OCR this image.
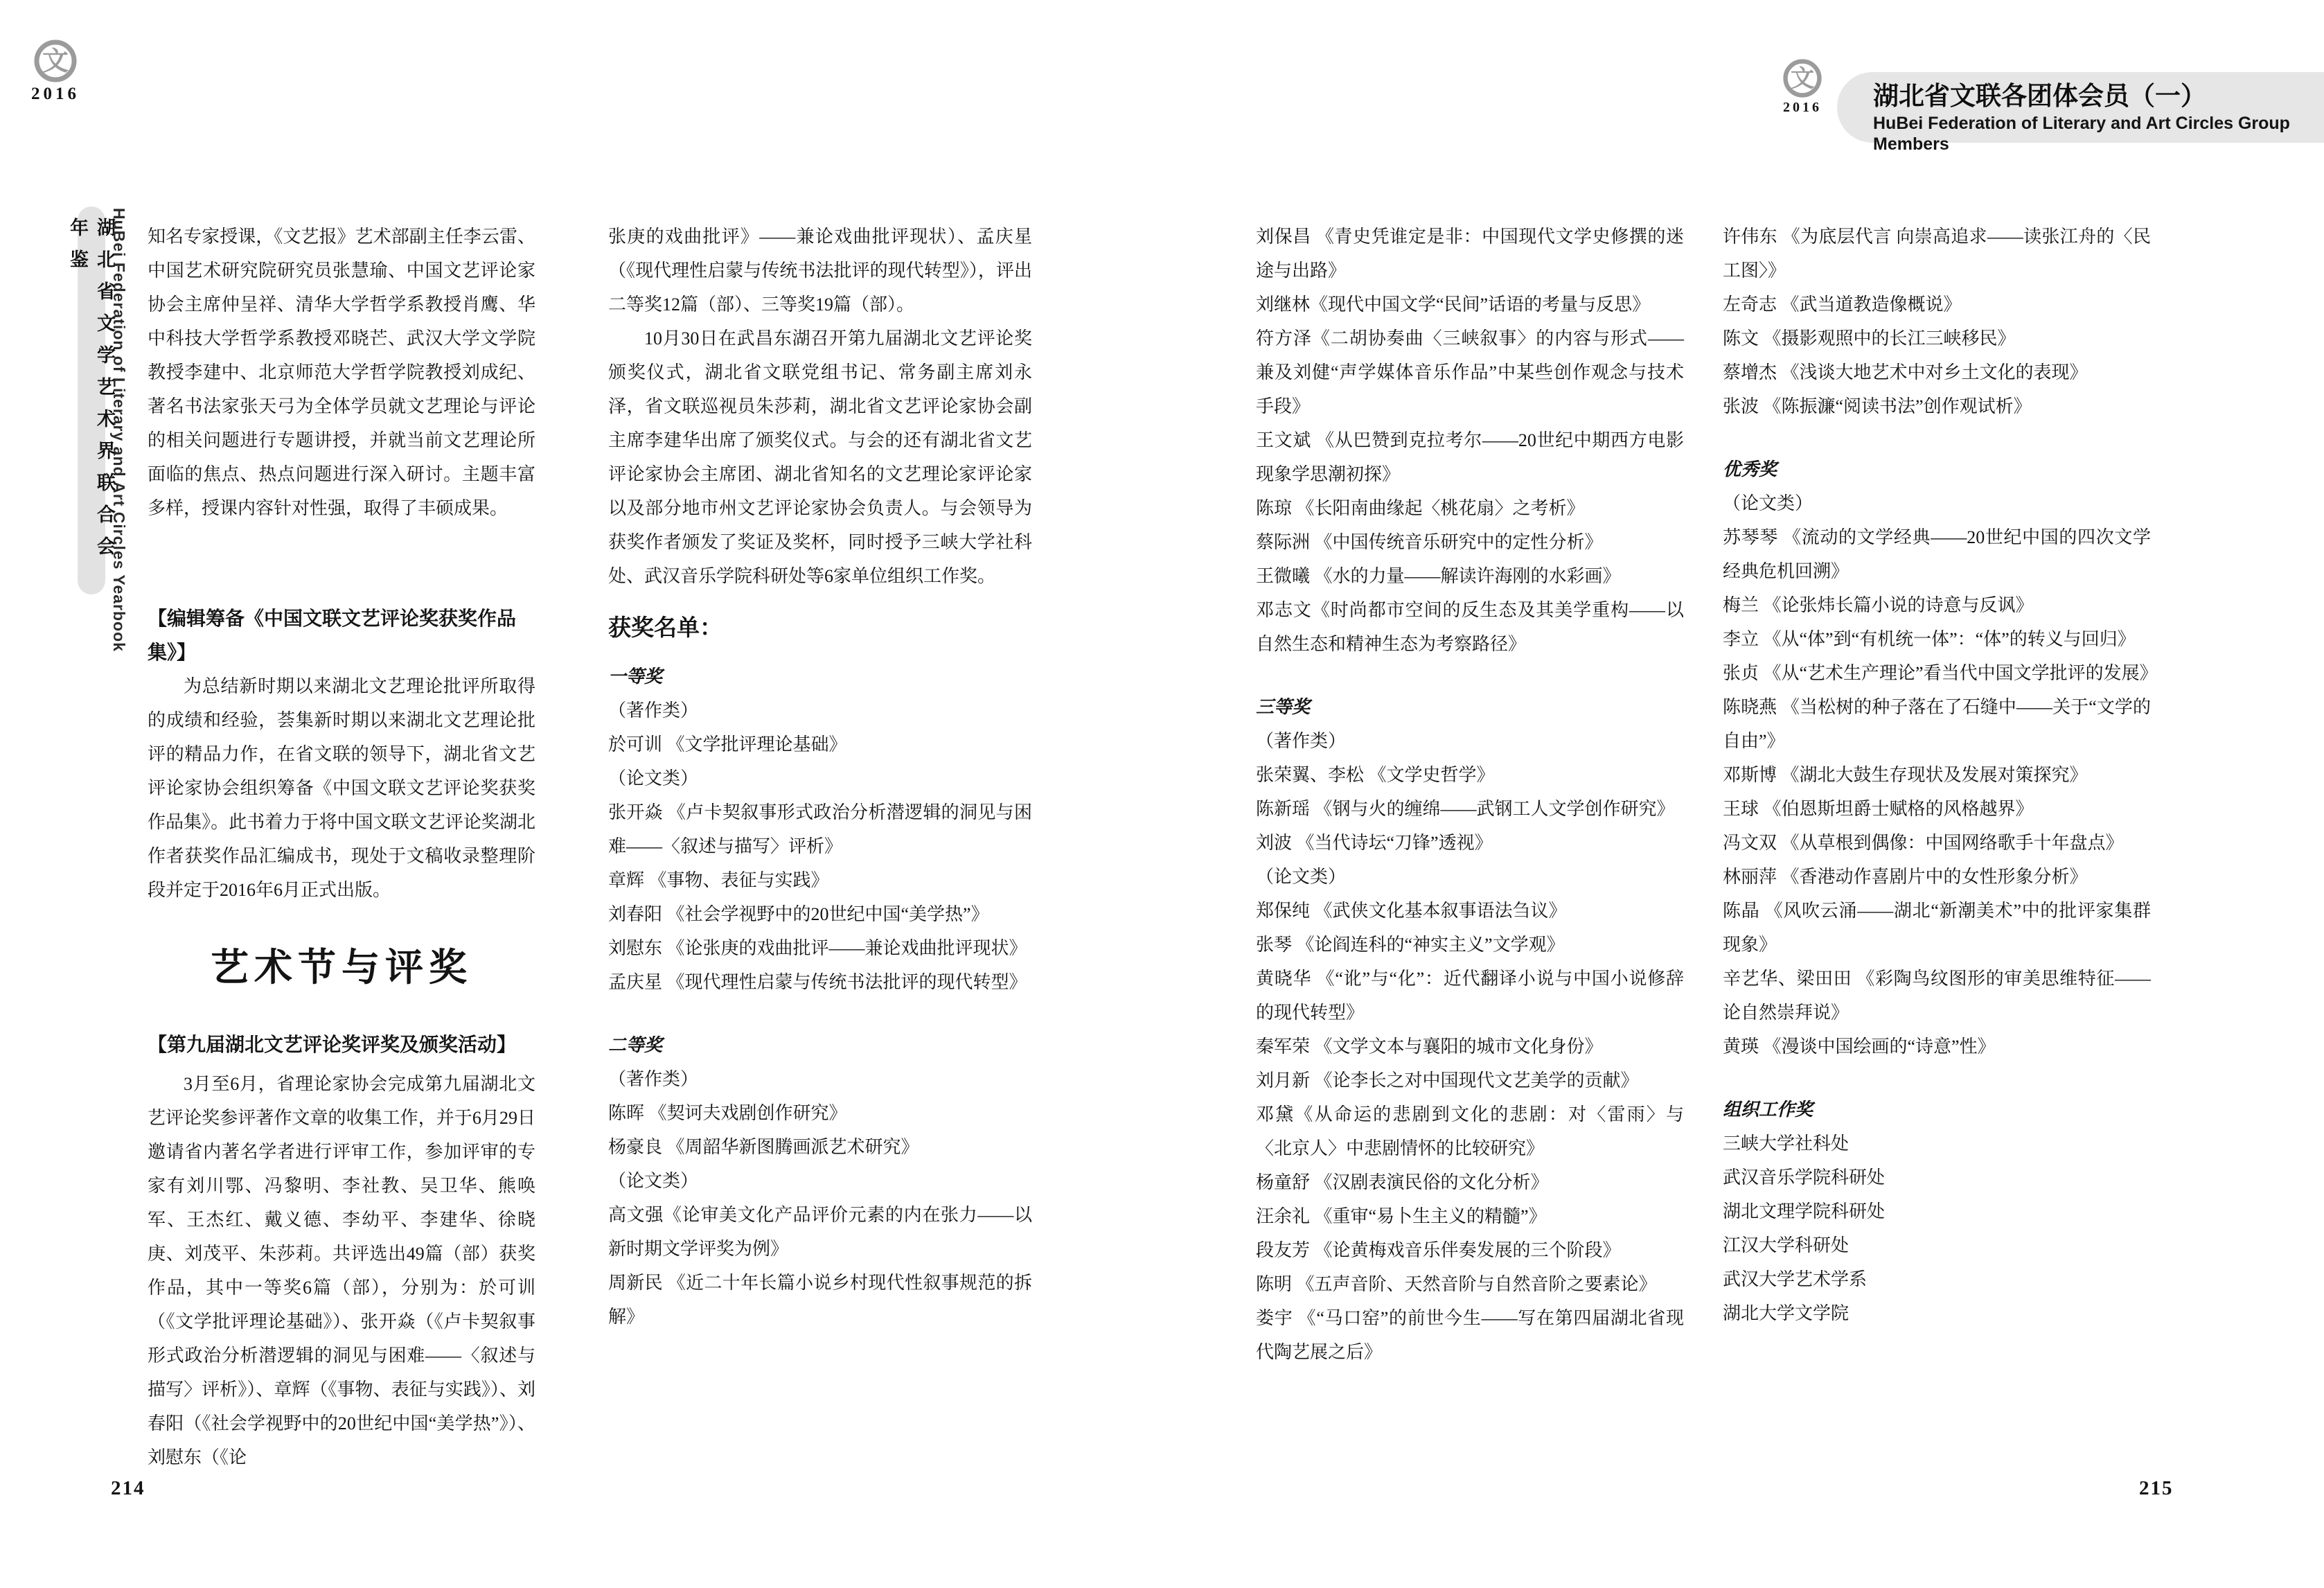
文
2016
湖北省文学艺术界联合会年鉴	HuBei Federation of Literary and Art Circles Yearbook
文
2016	湖北省文联各团体会员（一）
HuBei Federation of Literary and Art Circles Group Members

知名专家授课，《文艺报》艺术部副主任李云雷、中国艺术研究院研究员张慧瑜、中国文艺评论家协会主席仲呈祥、清华大学哲学系教授肖鹰、华中科技大学哲学系教授邓晓芒、武汉大学文学院教授李建中、北京师范大学哲学院教授刘成纪、著名书法家张天弓为全体学员就文艺理论与评论的相关问题进行专题讲授，并就当前文艺理论所面临的焦点、热点问题进行深入研讨。主题丰富多样，授课内容针对性强，取得了丰硕成果。

【编辑筹备《中国文联文艺评论奖获奖作品集》】

为总结新时期以来湖北文艺理论批评所取得的成绩和经验，荟集新时期以来湖北文艺理论批评的精品力作，在省文联的领导下，湖北省文艺评论家协会组织筹备《中国文联文艺评论奖获奖作品集》。此书着力于将中国文联文艺评论奖湖北作者获奖作品汇编成书，现处于文稿收录整理阶段并定于2016年6月正式出版。

艺术节与评奖
【第九届湖北文艺评论奖评奖及颁奖活动】

3月至6月，省理论家协会完成第九届湖北文艺评论奖参评著作文章的收集工作，并于6月29日邀请省内著名学者进行评审工作，参加评审的专家有刘川鄂、冯黎明、李社教、吴卫华、熊唤军、王杰红、戴义德、李幼平、李建华、徐晓庚、刘茂平、朱莎莉。共评选出49篇（部）获奖作品，其中一等奖6篇（部），分别为：於可训（《文学批评理论基础》）、张开焱（《卢卡契叙事形式政治分析潜逻辑的洞见与困难——〈叙述与描写〉评析》）、章辉（《事物、表征与实践》）、刘春阳（《社会学视野中的20世纪中国“美学热”》）、刘慰东（《论

张庚的戏曲批评》——兼论戏曲批评现状）、孟庆星（《现代理性启蒙与传统书法批评的现代转型》），评出二等奖12篇（部）、三等奖19篇（部）。

10月30日在武昌东湖召开第九届湖北文艺评论奖颁奖仪式，湖北省文联党组书记、常务副主席刘永泽，省文联巡视员朱莎莉，湖北省文艺评论家协会副主席李建华出席了颁奖仪式。与会的还有湖北省文艺评论家协会主席团、湖北省知名的文艺理论家评论家以及部分地市州文艺评论家协会负责人。与会领导为获奖作者颁发了奖证及奖杯，同时授予三峡大学社科处、武汉音乐学院科研处等6家单位组织工作奖。

获奖名单：
一等奖
（著作类）
於可训 《文学批评理论基础》
（论文类）
张开焱 《卢卡契叙事形式政治分析潜逻辑的洞见与困难——〈叙述与描写〉评析》
章辉 《事物、表征与实践》
刘春阳 《社会学视野中的20世纪中国“美学热”》
刘慰东 《论张庚的戏曲批评——兼论戏曲批评现状》
孟庆星 《现代理性启蒙与传统书法批评的现代转型》
二等奖
（著作类）
陈晖 《契诃夫戏剧创作研究》
杨豪良 《周韶华新图腾画派艺术研究》
（论文类）
高文强《论审美文化产品评价元素的内在张力——以新时期文学评奖为例》
周新民 《近二十年长篇小说乡村现代性叙事规范的拆解》
刘保昌 《青史凭谁定是非：中国现代文学史修撰的迷途与出路》
刘继林《现代中国文学“民间”话语的考量与反思》
符方泽《二胡协奏曲〈三峡叙事〉的内容与形式——兼及刘健“声学媒体音乐作品”中某些创作观念与技术手段》
王文斌 《从巴赞到克拉考尔——20世纪中期西方电影现象学思潮初探》
陈琼 《长阳南曲缘起〈桃花扇〉之考析》
蔡际洲 《中国传统音乐研究中的定性分析》
王微曦 《水的力量——解读许海刚的水彩画》
邓志文《时尚都市空间的反生态及其美学重构——以自然生态和精神生态为考察路径》
三等奖
（著作类）
张荣翼、李松 《文学史哲学》
陈新瑶 《钢与火的缠绵——武钢工人文学创作研究》
刘波 《当代诗坛“刀锋”透视》
（论文类）
郑保纯 《武侠文化基本叙事语法刍议》
张琴 《论阎连科的“神实主义”文学观》
黄晓华 《“讹”与“化”：近代翻译小说与中国小说修辞的现代转型》
秦军荣 《文学文本与襄阳的城市文化身份》
刘月新 《论李长之对中国现代文艺美学的贡献》
邓黛《从命运的悲剧到文化的悲剧：对〈雷雨〉与〈北京人〉中悲剧情怀的比较研究》
杨童舒 《汉剧表演民俗的文化分析》
汪余礼 《重审“易卜生主义的精髓”》
段友芳 《论黄梅戏音乐伴奏发展的三个阶段》
陈明 《五声音阶、天然音阶与自然音阶之要素论》
娄宇 《“马口窑”的前世今生——写在第四届湖北省现代陶艺展之后》
许伟东 《为底层代言 向崇高追求——读张江舟的〈民工图〉》
左奇志 《武当道教造像概说》
陈文 《摄影观照中的长江三峡移民》
蔡增杰 《浅谈大地艺术中对乡土文化的表现》
张波 《陈振濂“阅读书法”创作观试析》
优秀奖
（论文类）
苏琴琴 《流动的文学经典——20世纪中国的四次文学经典危机回溯》
梅兰 《论张炜长篇小说的诗意与反讽》
李立 《从“体”到“有机统一体”：“体”的转义与回归》
张贞 《从“艺术生产理论”看当代中国文学批评的发展》
陈晓燕 《当松树的种子落在了石缝中——关于“文学的自由”》
邓斯博 《湖北大鼓生存现状及发展对策探究》
王球 《伯恩斯坦爵士赋格的风格越界》
冯文双 《从草根到偶像：中国网络歌手十年盘点》
林丽萍 《香港动作喜剧片中的女性形象分析》
陈晶 《风吹云涌——湖北“新潮美术”中的批评家集群现象》
辛艺华、梁田田 《彩陶鸟纹图形的审美思维特征——论自然崇拜说》
黄瑛 《漫谈中国绘画的“诗意”性》
组织工作奖
三峡大学社科处
武汉音乐学院科研处
湖北文理学院科研处
江汉大学科研处
武汉大学艺术学系
湖北大学文学院
214	215
